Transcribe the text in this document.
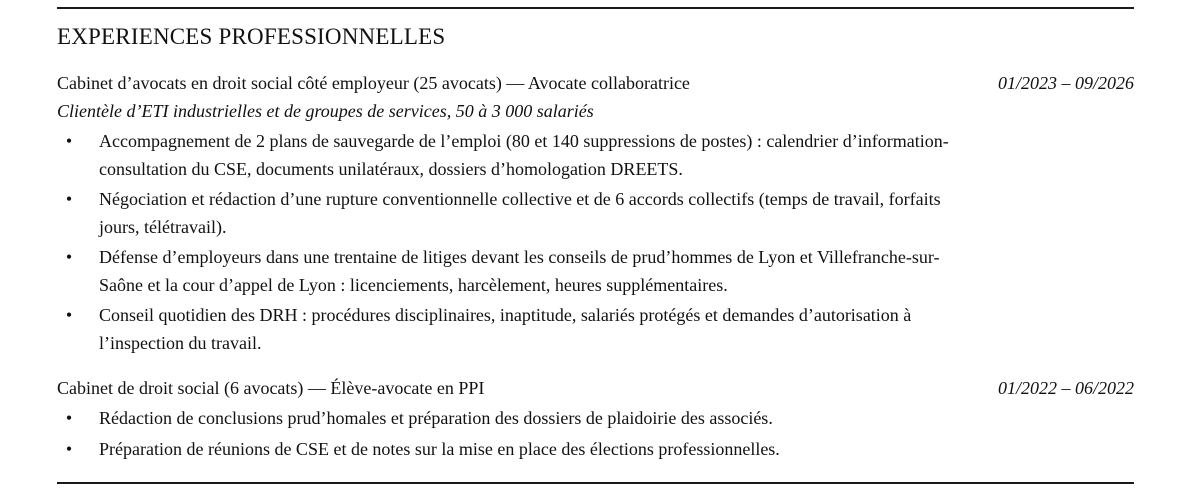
EXPERIENCES PROFESSIONNELLES
Cabinet d’avocats en droit social côté employeur (25 avocats) — Avocate collaboratrice	01/2023 – 09/2026
Clientèle d’ETI industrielles et de groupes de services, 50 à 3 000 salariés
• Accompagnement de 2 plans de sauvegarde de l’emploi (80 et 140 suppressions de postes) : calendrier d’information-consultation du CSE, documents unilatéraux, dossiers d’homologation DREETS.
• Négociation et rédaction d’une rupture conventionnelle collective et de 6 accords collectifs (temps de travail, forfaits jours, télétravail).
• Défense d’employeurs dans une trentaine de litiges devant les conseils de prud’hommes de Lyon et Villefranche-sur-Saône et la cour d’appel de Lyon : licenciements, harcèlement, heures supplémentaires.
• Conseil quotidien des DRH : procédures disciplinaires, inaptitude, salariés protégés et demandes d’autorisation à l’inspection du travail.
Cabinet de droit social (6 avocats) — Élève-avocate en PPI	01/2022 – 06/2022
• Rédaction de conclusions prud’homales et préparation des dossiers de plaidoirie des associés.
• Préparation de réunions de CSE et de notes sur la mise en place des élections professionnelles.
